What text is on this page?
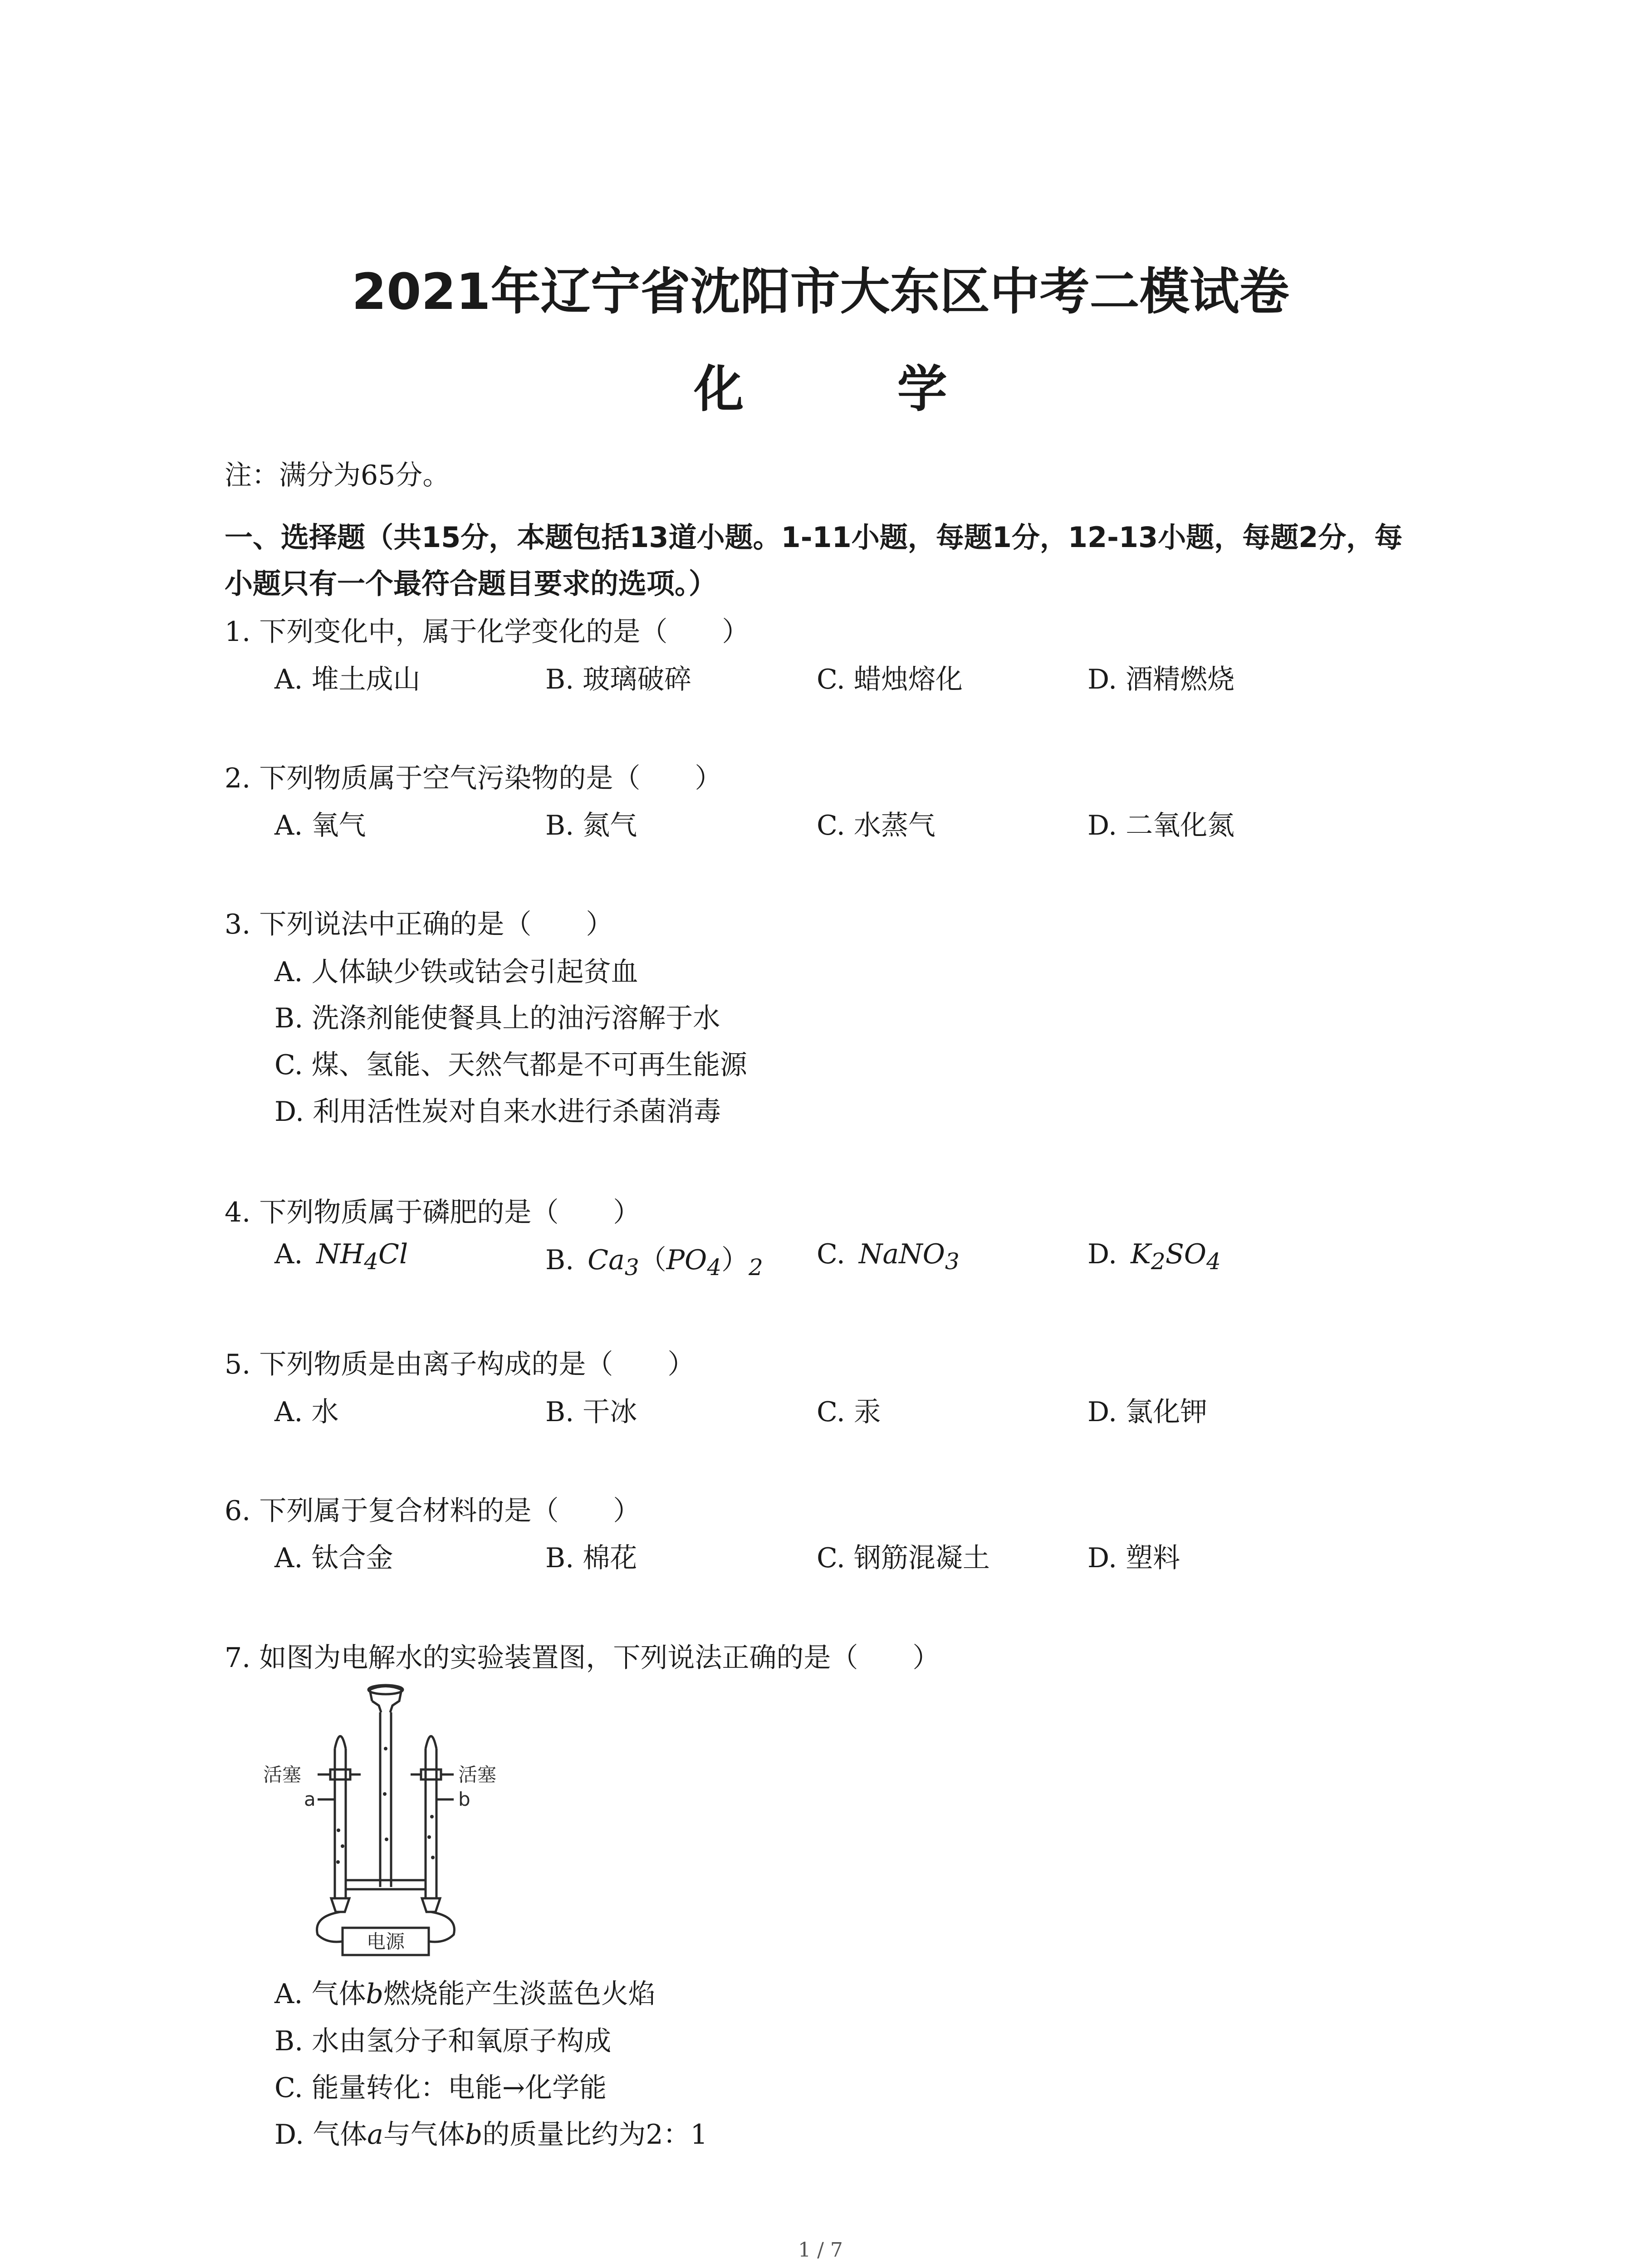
2021年辽宁省沈阳市大东区中考二模试卷
化 学
注：满分为65分。
一、选择题（共15分，本题包括13道小题。1-11小题，每题1分，12-13小题，每题2分，每
小题只有一个最符合题目要求的选项。）
1. 下列变化中，属于化学变化的是（　　）
A. 堆土成山	B. 玻璃破碎	C. 蜡烛熔化	D. 酒精燃烧
2. 下列物质属于空气污染物的是（　　）
A. 氧气	B. 氮气	C. 水蒸气	D. 二氧化氮
3. 下列说法中正确的是（　　）
A. 人体缺少铁或钴会引起贫血
B. 洗涤剂能使餐具上的油污溶解于水
C. 煤、氢能、天然气都是不可再生能源
D. 利用活性炭对自来水进行杀菌消毒
4. 下列物质属于磷肥的是（　　）
A.  $NH_4Cl$	B.  $Ca_3(PO_4)_2$ C.  NaNO$_3$	D.  $K_2SO_4$
5. 下列物质是由离子构成的是（　　）
A. 水	B. 干冰	C. 汞	D. 氯化钾
6. 下列属于复合材料的是（　　）
A. 钛合金	B. 棉花	C. 钢筋混凝土	D. 塑料
7. 如图为电解水的实验装置图，下列说法正确的是（　　）
活塞	活塞
a	b
电源
A. 气体b燃烧能产生淡蓝色火焰
B. 水由氢分子和氧原子构成
C. 能量转化：电能→化学能
D. 气体a与气体b的质量比约为2：1
1 / 7
